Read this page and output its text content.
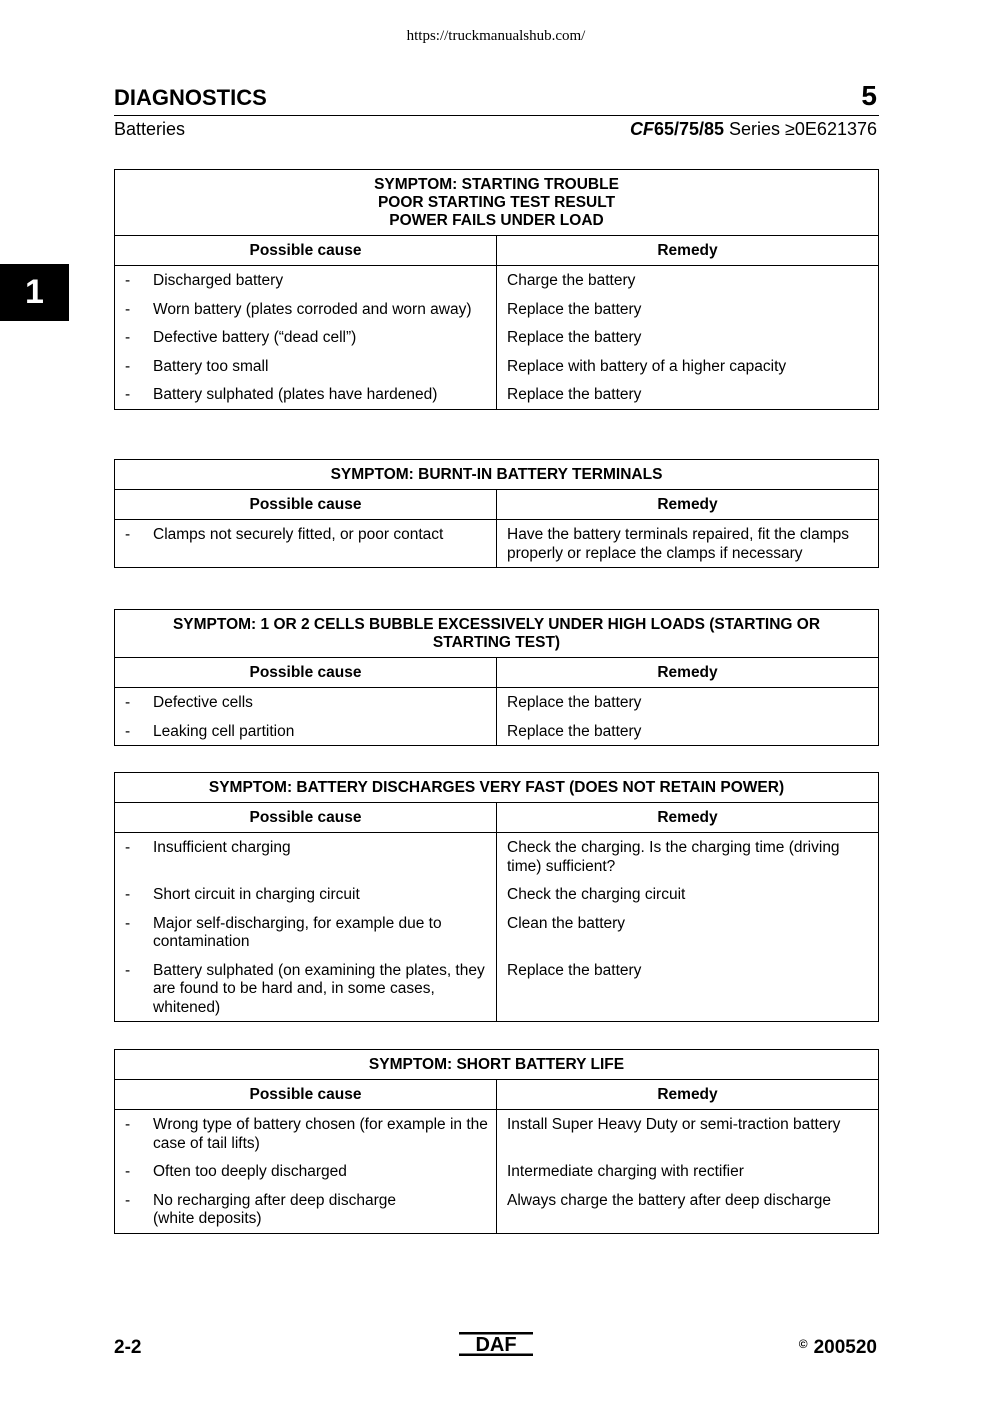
https://truckmanualshub.com/
DIAGNOSTICS	5
Batteries	CF65/75/85 Series ≥0E621376
1
SYMPTOM: STARTING TROUBLE
POOR STARTING TEST RESULT
POWER FAILS UNDER LOAD	
Possible cause	Remedy
- Discharged battery	Charge the battery

- Worn battery (plates corroded and worn away)	Replace the battery

- Defective battery (“dead cell”)	Replace the battery

- Battery too small	Replace with battery of a higher capacity

- Battery sulphated (plates have hardened)	Replace the battery
SYMPTOM: BURNT-IN BATTERY TERMINALS	
Possible cause	Remedy
- Clamps not securely fitted, or poor contact	Have the battery terminals repaired, fit the clamps properly or replace the clamps if necessary
SYMPTOM: 1 OR 2 CELLS BUBBLE EXCESSIVELY UNDER HIGH LOADS (STARTING OR STARTING TEST)	
Possible cause	Remedy
- Defective cells	Replace the battery

- Leaking cell partition	Replace the battery
SYMPTOM: BATTERY DISCHARGES VERY FAST (DOES NOT RETAIN POWER)	
Possible cause	Remedy
- Insufficient charging	Check the charging. Is the charging time (driving time) sufficient?

- Short circuit in charging circuit	Check the charging circuit

- Major self-discharging, for example due to contamination	Clean the battery

- Battery sulphated (on examining the plates, they are found to be hard and, in some cases, whitened)	Replace the battery
SYMPTOM: SHORT BATTERY LIFE	
Possible cause	Remedy
- Wrong type of battery chosen (for example in the case of tail lifts)	Install Super Heavy Duty or semi-traction battery

- Often too deeply discharged	Intermediate charging with rectifier

- No recharging after deep discharge
(white deposits)	Always charge the battery after deep discharge
2-2	DAF	© 200520
